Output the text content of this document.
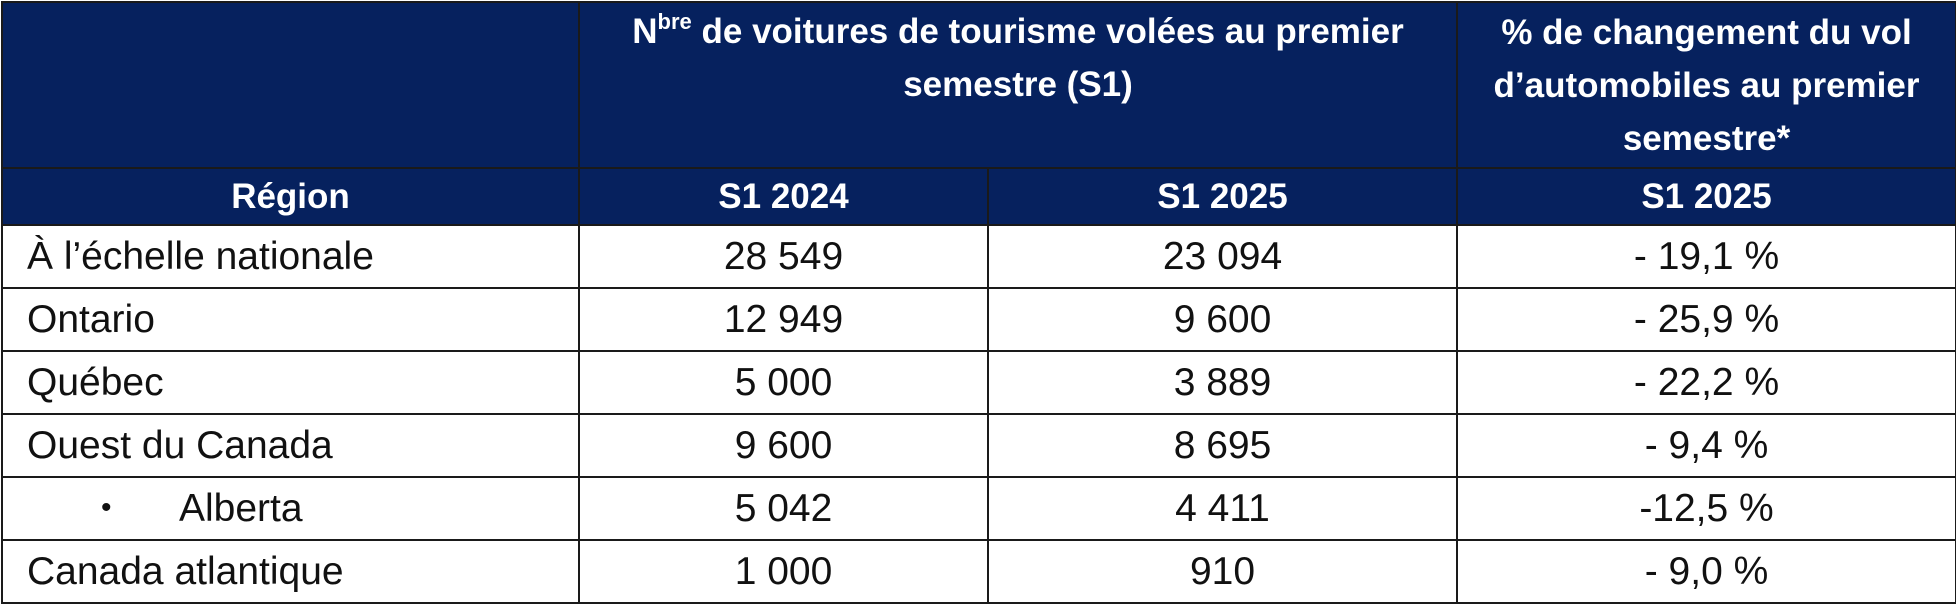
	$N^{bre}$ de voitures de tourisme volées au premier semestre (S1)		% de changement du vol d’automobiles au premier semestre*
Région	S1 2024	S1 2025	S1 2025
À l’échelle nationale	28 549	23 094	- 19,1 %
Ontario	12 949	9 600	- 25,9 %
Québec	5 000	3 889	- 22,2 %
Ouest du Canada	9 600	8 695	- 9,4 %
• Alberta	5 042	4 411	-12,5 %
Canada atlantique	1 000	910	- 9,0 %
